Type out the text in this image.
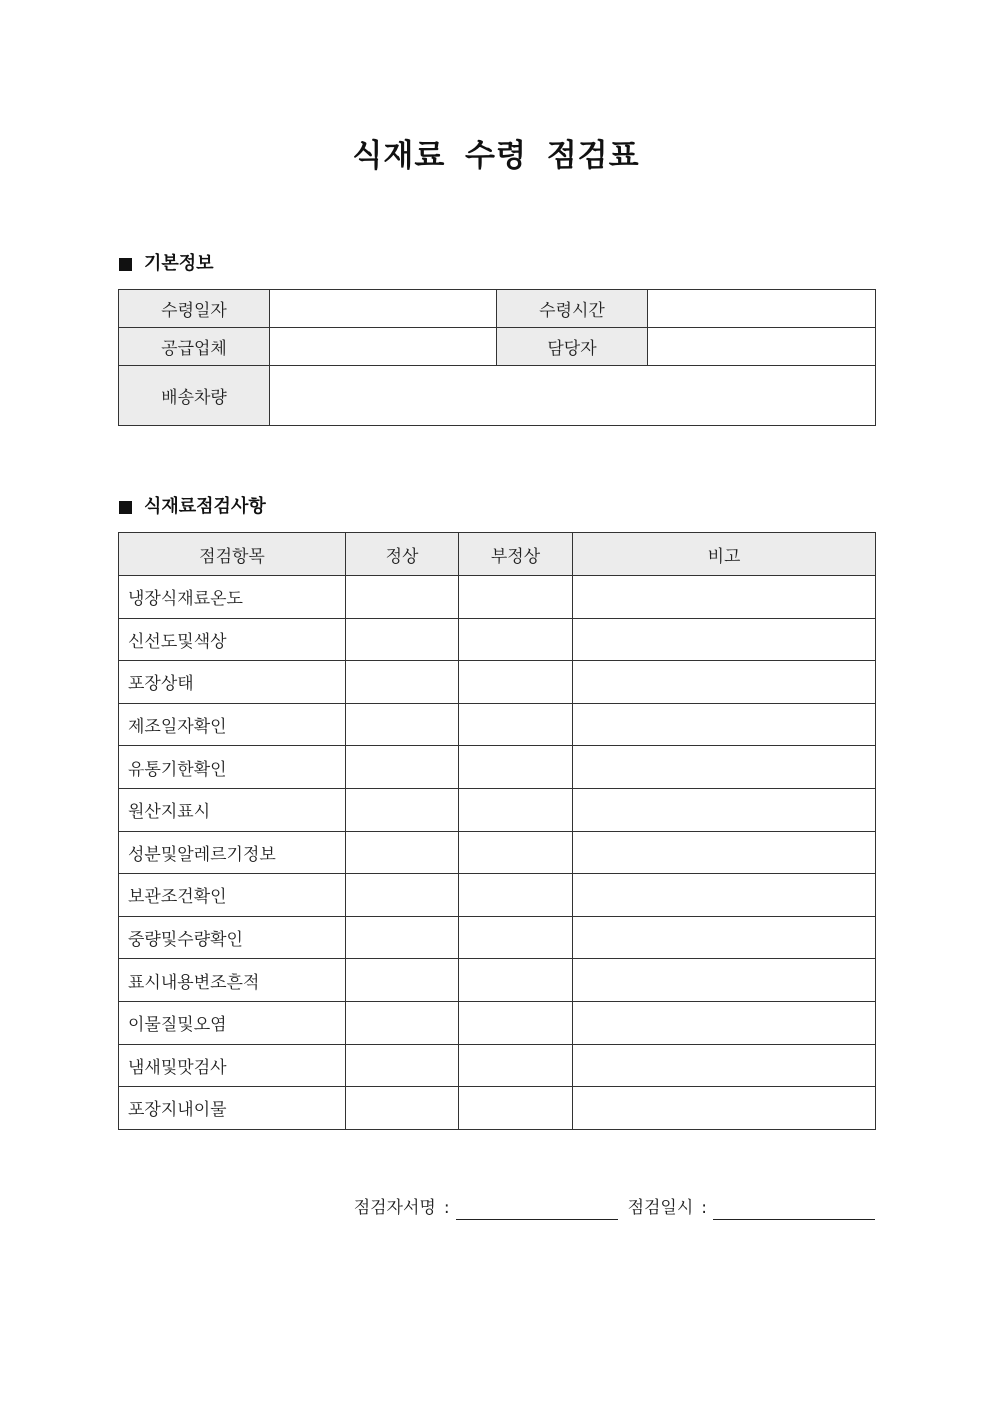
식재료 수령 점검표
기본정보
수령일자		수령시간	
공급업체		담당자	
배송차량			
식재료점검사항
점검항목	정상	부정상	비고
냉장식재료온도			
신선도및색상			
포장상태			
제조일자확인			
유통기한확인			
원산지표시			
성분및알레르기정보			
보관조건확인			
중량및수량확인			
표시내용변조흔적			
이물질및오염			
냄새및맛검사			
포장지내이물			
점검자서명 :	점검일시 :
